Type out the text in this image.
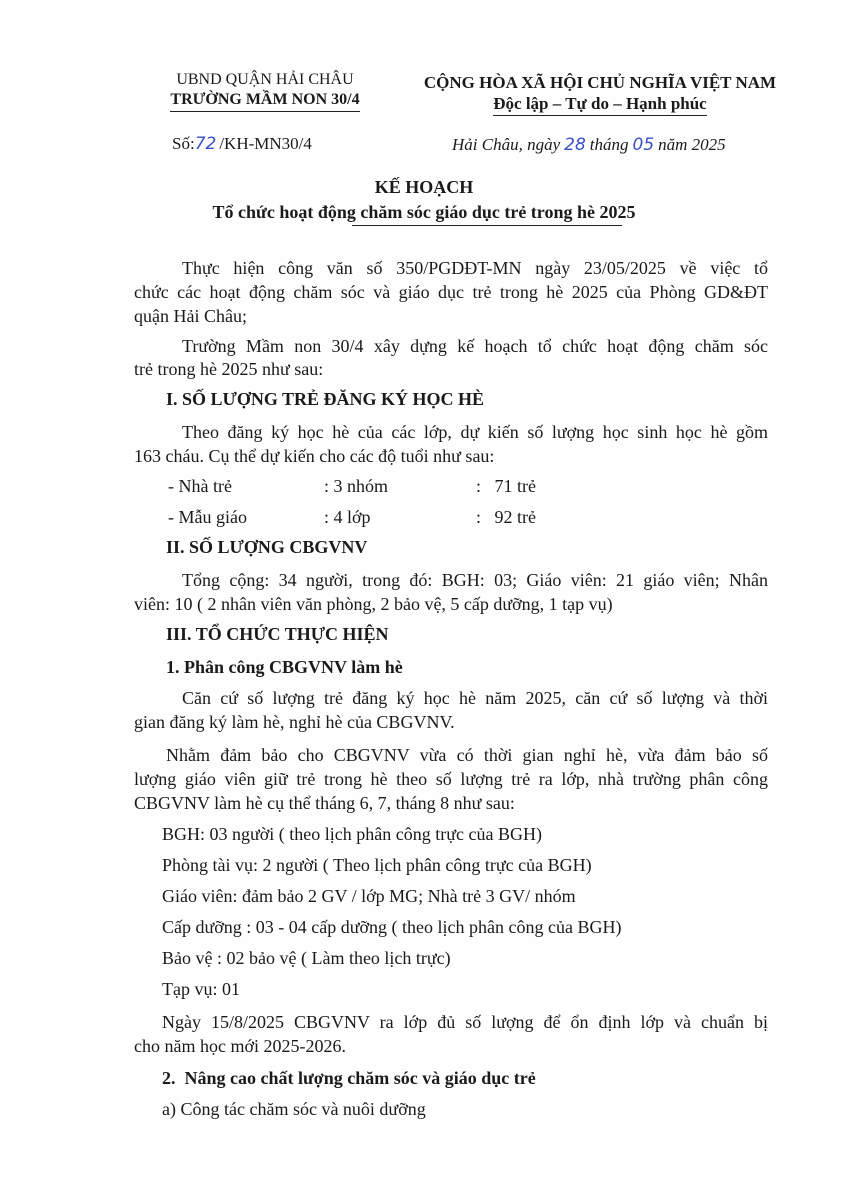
UBND QUẬN HẢI CHÂU
TRƯỜNG MẦM NON 30/4
CỘNG HÒA XÃ HỘI CHỦ NGHĨA VIỆT NAM
Độc lập – Tự do – Hạnh phúc
Số:72 /KH-MN30/4	Hải Châu, ngày 28 tháng 05 năm 2025
KẾ HOẠCH
Tổ chức hoạt động chăm sóc giáo dục trẻ trong hè 2025
Thực hiện công văn số 350/PGDĐT-MN ngày 23/05/2025 về việc tổ
chức các hoạt động chăm sóc và giáo dục trẻ trong hè 2025 của Phòng GD&ĐT
quận Hải Châu;
Trường Mầm non 30/4 xây dựng kế hoạch tổ chức hoạt động chăm sóc
trẻ trong hè 2025 như sau:
I. SỐ LƯỢNG TRẺ ĐĂNG KÝ HỌC HÈ
Theo đăng ký học hè của các lớp, dự kiến số lượng học sinh học hè gồm
163 cháu. Cụ thể dự kiến cho các độ tuổi như sau:
- Nhà trẻ	: 3 nhóm	:   71 trẻ
- Mẫu giáo	: 4 lớp	:   92 trẻ
II. SỐ LƯỢNG CBGVNV
Tổng cộng: 34 người, trong đó: BGH: 03; Giáo viên: 21 giáo viên; Nhân
viên: 10 ( 2 nhân viên văn phòng, 2 bảo vệ, 5 cấp dưỡng, 1 tạp vụ)
III. TỔ CHỨC THỰC HIỆN
1. Phân công CBGVNV làm hè
Căn cứ số lượng trẻ đăng ký học hè năm 2025, căn cứ số lượng và thời
gian đăng ký làm hè, nghỉ hè của CBGVNV.
Nhằm đảm bảo cho CBGVNV vừa có thời gian nghỉ hè, vừa đảm bảo số
lượng giáo viên giữ trẻ trong hè theo số lượng trẻ ra lớp, nhà trường phân công
CBGVNV làm hè cụ thể tháng 6, 7, tháng 8 như sau:
BGH: 03 người ( theo lịch phân công trực của BGH)
Phòng tài vụ: 2 người ( Theo lịch phân công trực của BGH)
Giáo viên: đảm bảo 2 GV / lớp MG; Nhà trẻ 3 GV/ nhóm
Cấp dưỡng : 03 - 04 cấp dưỡng ( theo lịch phân công của BGH)
Bảo vệ : 02 bảo vệ ( Làm theo lịch trực)
Tạp vụ: 01
Ngày 15/8/2025 CBGVNV ra lớp đủ số lượng để ổn định lớp và chuẩn bị
cho năm học mới 2025-2026.
2.  Nâng cao chất lượng chăm sóc và giáo dục trẻ
a) Công tác chăm sóc và nuôi dưỡng
